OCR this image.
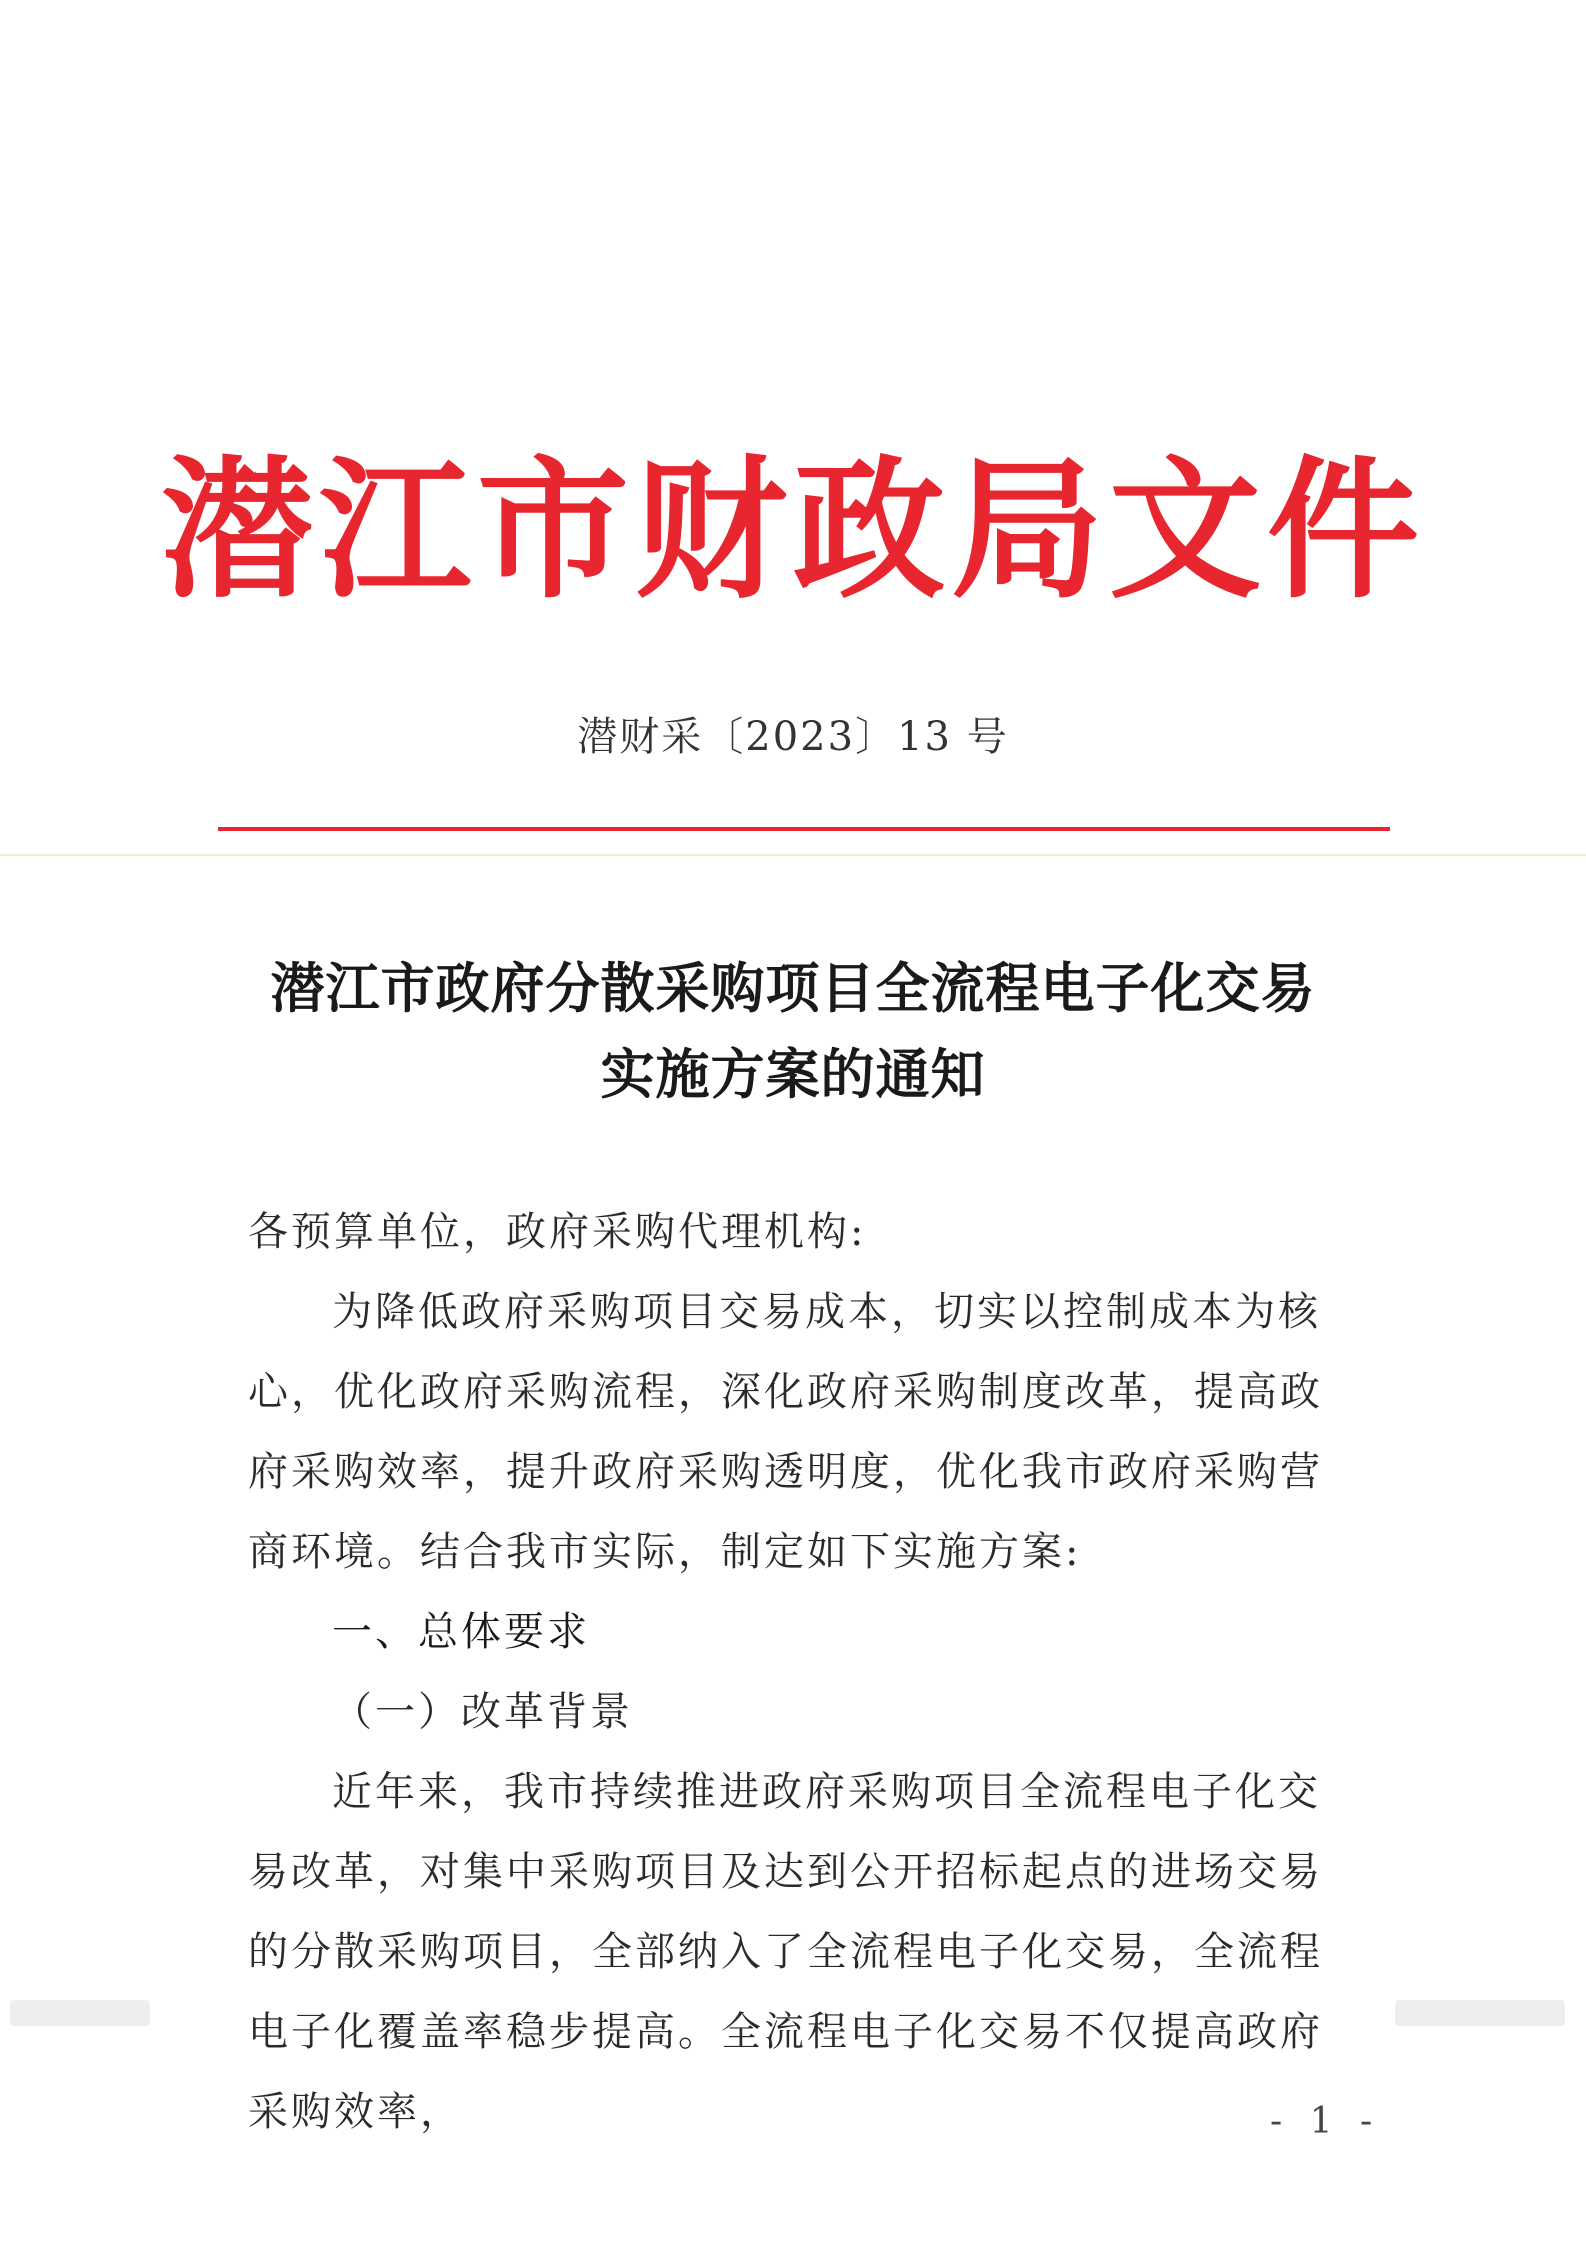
潜江市财政局文件
潜财采〔2023〕13 号
潜江市政府分散采购项目全流程电子化交易
实施方案的通知

各预算单位，政府采购代理机构:

为降低政府采购项目交易成本，切实以控制成本为核心，优化政府采购流程，深化政府采购制度改革，提高政府采购效率，提升政府采购透明度，优化我市政府采购营商环境。结合我市实际，制定如下实施方案:

一、总体要求
（一）改革背景

近年来，我市持续推进政府采购项目全流程电子化交易改革，对集中采购项目及达到公开招标起点的进场交易的分散采购项目，全部纳入了全流程电子化交易，全流程电子化覆盖率稳步提高。全流程电子化交易不仅提高政府采购效率，	- 1 -
